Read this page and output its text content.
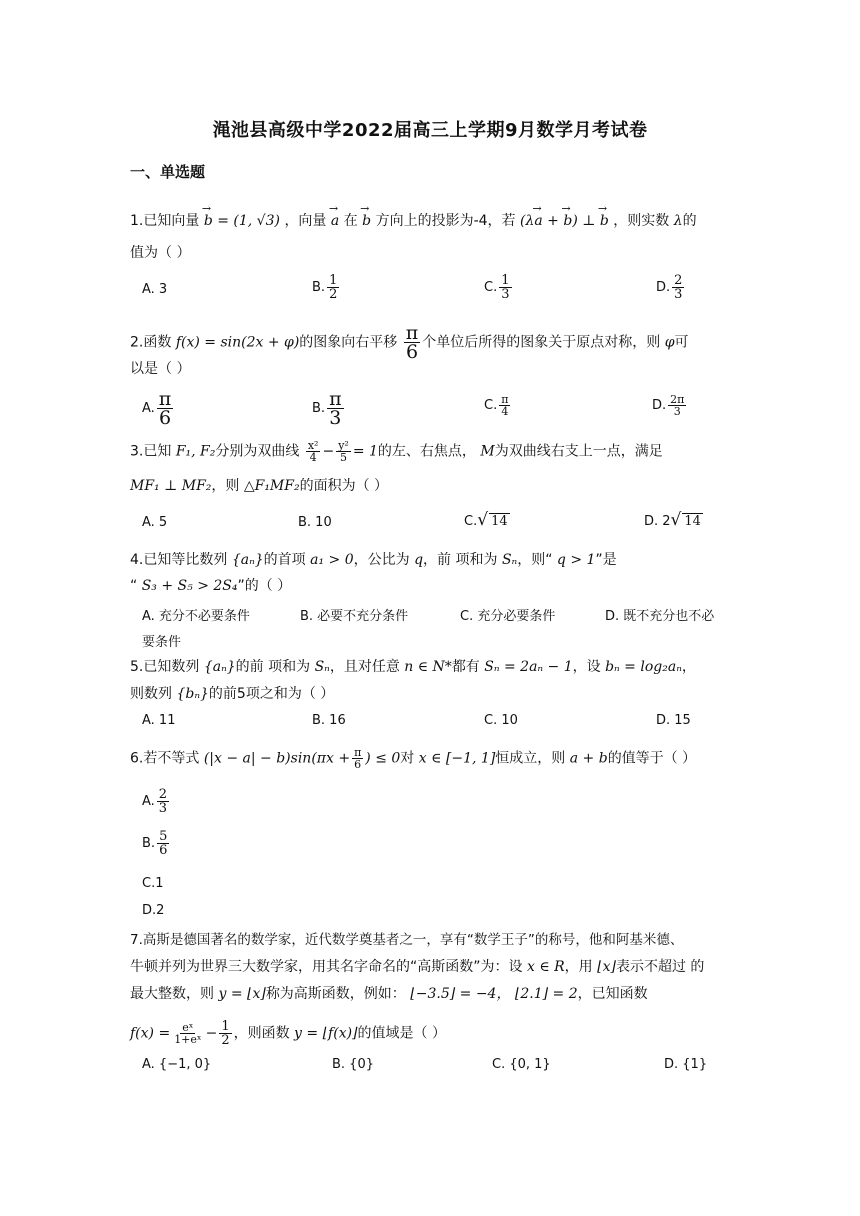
渑池县高级中学2022届高三上学期9月数学月考试卷
一、单选题
1.已知向量 → b = (1, √3) ，向量 → a 在 → b 方向上的投影为-4，若 (λ→ a + → b) ⊥ → b ，则实数 λ的
值为（ ）
A. 3	B. $\frac{1}{2}$	C. $\frac{1}{3}$	D. $\frac{2}{3}$
2.函数 f(x) = sin(2x + φ)的图象向右平移 $\frac{\pi}{6}$ 个单位后所得的图象关于原点对称，则 φ可
以是（ ）
A. $\frac{\pi}{6}$	B. $\frac{\pi}{3}$	C. $\frac{\pi}{4}$	D. $\frac{2\pi}{3}$
3.已知 F₁, F₂分别为双曲线 $\frac{\text{x²}}{4} - \frac{\text{y²}}{5} = 1$的左、右焦点， M为双曲线右支上一点，满足
MF₁ ⊥ MF₂，则 △F₁MF₂的面积为（ ）
A. 5	B. 10	C.√ 14	D. 2√ 14
4.已知等比数列 {aₙ}的首项 a₁ > 0，公比为 q，前 项和为 Sₙ，则“ q > 1”是
“ S₃ + S₅ > 2S₄”的（ ）
A. 充分不必要条件	B. 必要不充分条件	C. 充分必要条件	D. 既不充分也不必
要条件
5.已知数列 {aₙ}的前 项和为 Sₙ，且对任意 n ∈ N*都有 Sₙ = 2aₙ − 1，设 bₙ = log₂aₙ，
则数列 {bₙ}的前5项之和为（ ）
A. 11	B. 16	C. 10	D. 15
6.若不等式 $(|x - a| - b)\sin(\pi x + \frac{\pi}{6}$ ) ≤ 0对 x ∈ [−1, 1]恒成立，则 a + b的值等于（ ）
A. $\frac{2}{3}$
B. $\frac{5}{6}$
C.1
D.2
7.高斯是德国著名的数学家，近代数学奠基者之一，享有“数学王子”的称号，他和阿基米德、
牛顿并列为世界三大数学家，用其名字命名的“高斯函数”为：设 x ∈ R，用 ⌊x⌋表示不超过 的
最大整数，则 y = ⌊x⌋称为高斯函数，例如： ⌊−3.5⌋ = −4， ⌊2.1⌋ = 2，已知函数
$f(x) = \frac{\text{eˣ}}{\text{1+eˣ}} - \frac{1}{2}$ ，则函数 y = ⌊f(x)⌋的值域是（ ）
A. {−1, 0}	B. {0}	C. {0, 1}	D. {1}
